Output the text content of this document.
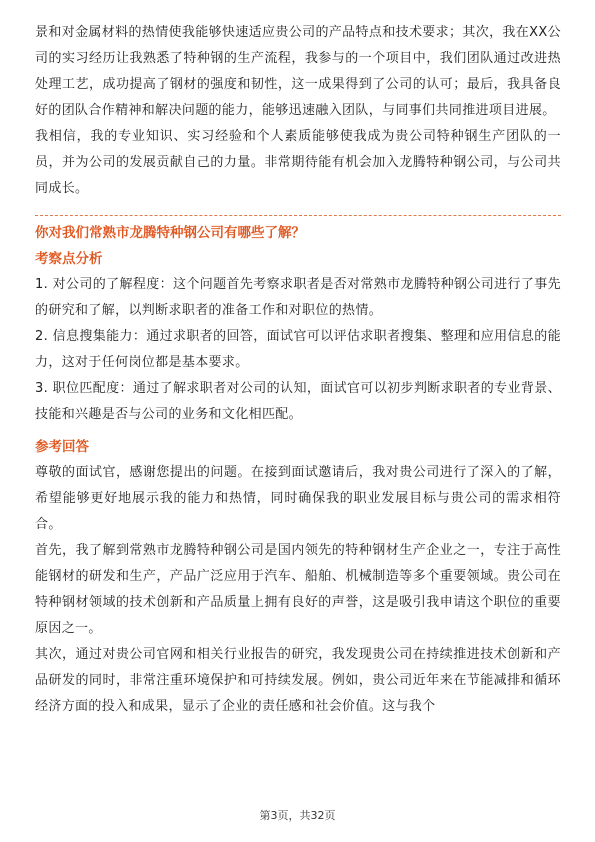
景和对金属材料的热情使我能够快速适应贵公司的产品特点和技术要求；其次，我在XX公司的实习经历让我熟悉了特种钢的生产流程，我参与的一个项目中，我们团队通过改进热处理工艺，成功提高了钢材的强度和韧性，这一成果得到了公司的认可；最后，我具备良好的团队合作精神和解决问题的能力，能够迅速融入团队，与同事们共同推进项目进展。

我相信，我的专业知识、实习经验和个人素质能够使我成为贵公司特种钢生产团队的一员，并为公司的发展贡献自己的力量。非常期待能有机会加入龙腾特种钢公司，与公司共同成长。

你对我们常熟市龙腾特种钢公司有哪些了解？
考察点分析

1. 对公司的了解程度：这个问题首先考察求职者是否对常熟市龙腾特种钢公司进行了事先的研究和了解，以判断求职者的准备工作和对职位的热情。

2. 信息搜集能力：通过求职者的回答，面试官可以评估求职者搜集、整理和应用信息的能力，这对于任何岗位都是基本要求。

3. 职位匹配度：通过了解求职者对公司的认知，面试官可以初步判断求职者的专业背景、技能和兴趣是否与公司的业务和文化相匹配。

参考回答

尊敬的面试官，感谢您提出的问题。在接到面试邀请后，我对贵公司进行了深入的了解，希望能够更好地展示我的能力和热情，同时确保我的职业发展目标与贵公司的需求相符合。

首先，我了解到常熟市龙腾特种钢公司是国内领先的特种钢材生产企业之一，专注于高性能钢材的研发和生产，产品广泛应用于汽车、船舶、机械制造等多个重要领域。贵公司在特种钢材领域的技术创新和产品质量上拥有良好的声誉，这是吸引我申请这个职位的重要原因之一。

其次，通过对贵公司官网和相关行业报告的研究，我发现贵公司在持续推进技术创新和产品研发的同时，非常注重环境保护和可持续发展。例如，贵公司近年来在节能减排和循环经济方面的投入和成果，显示了企业的责任感和社会价值。这与我个

第3页，共32页
